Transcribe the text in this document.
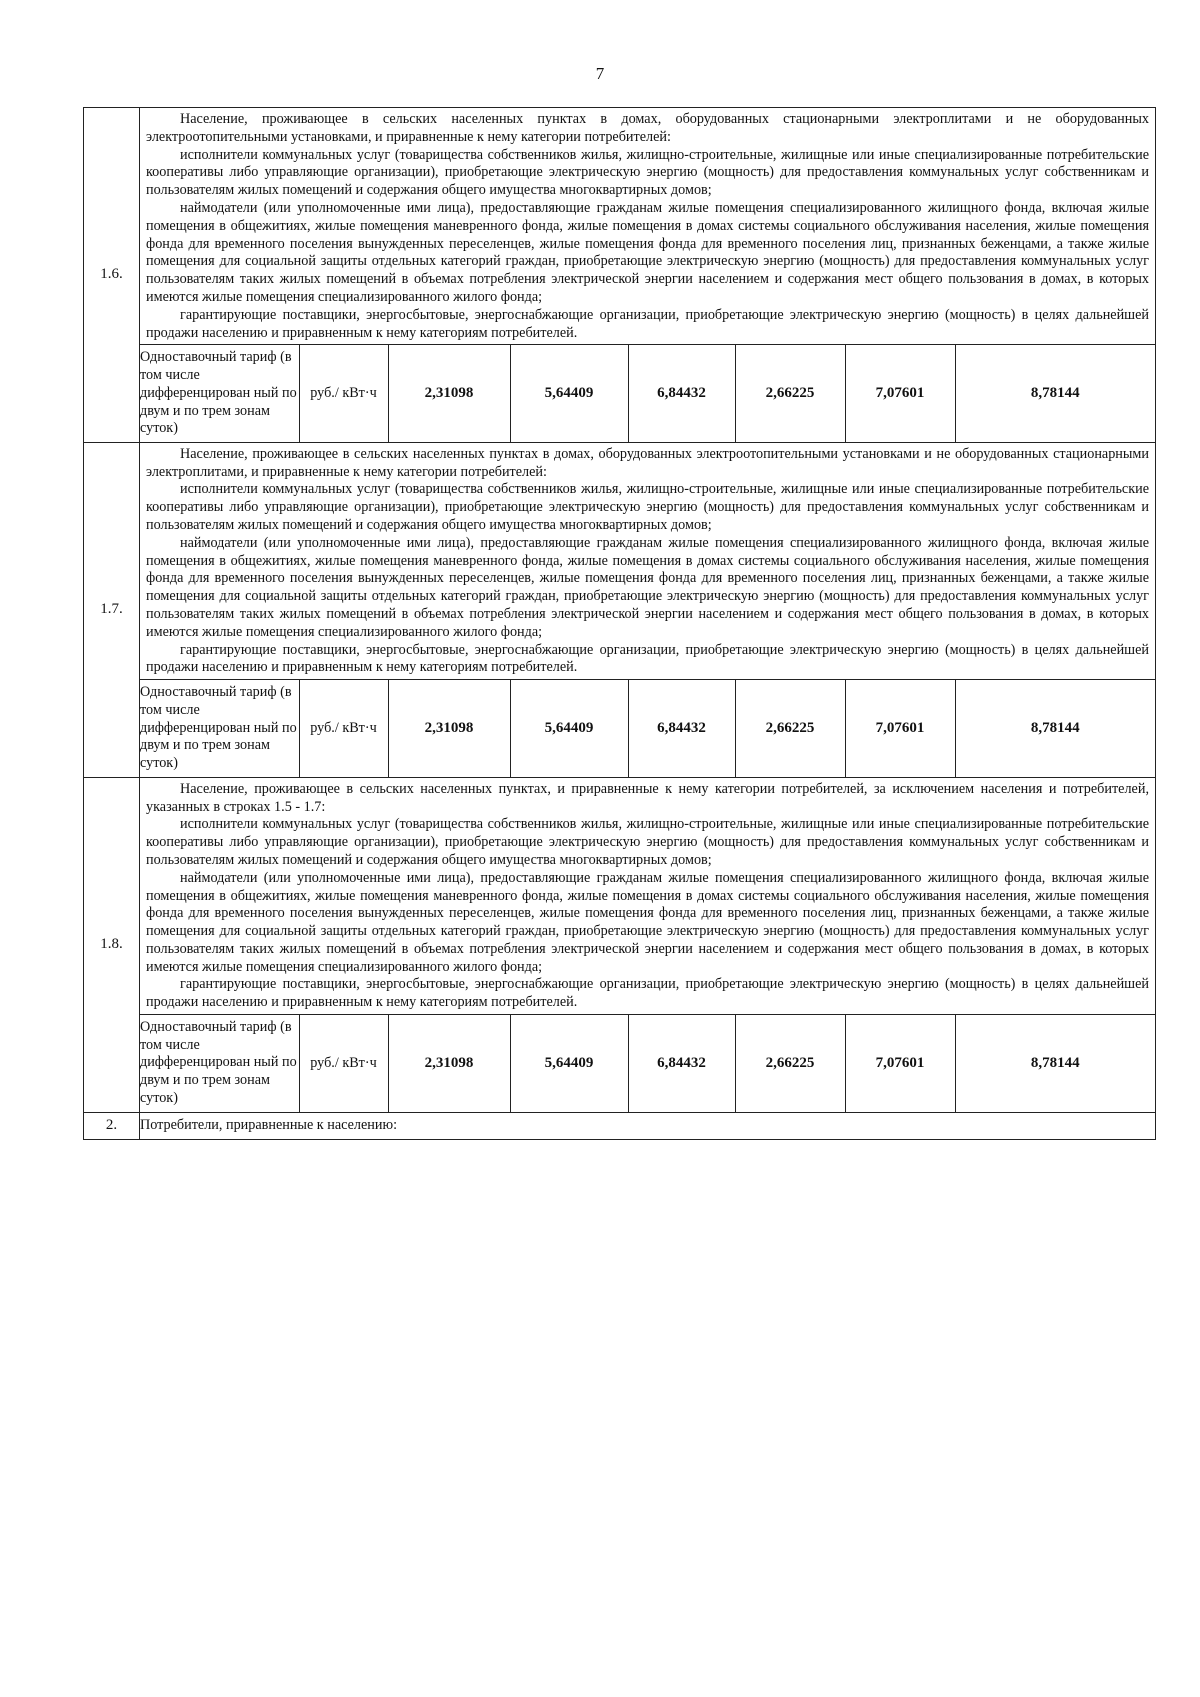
7
1.6.	

Население, проживающее в сельских населенных пунктах в домах, оборудованных стационарными электроплитами и не оборудованных электроотопительными установками, и приравненные к нему категории потребителей:

исполнители коммунальных услуг (товарищества собственников жилья, жилищно-строительные, жилищные или иные специализированные потребительские кооперативы либо управляющие организации), приобретающие электрическую энергию (мощность) для предоставления коммунальных услуг собственникам и пользователям жилых помещений и содержания общего имущества многоквартирных домов;

наймодатели (или уполномоченные ими лица), предоставляющие гражданам жилые помещения специализированного жилищного фонда, включая жилые помещения в общежитиях, жилые помещения маневренного фонда, жилые помещения в домах системы социального обслуживания населения, жилые помещения фонда для временного поселения вынужденных переселенцев, жилые помещения фонда для временного поселения лиц, признанных беженцами, а также жилые помещения для социальной защиты отдельных категорий граждан, приобретающие электрическую энергию (мощность) для предоставления коммунальных услуг пользователям таких жилых помещений в объемах потребления электрической энергии населением и содержания мест общего пользования в домах, в которых имеются жилые помещения специализированного жилого фонда;

гарантирующие поставщики, энергосбытовые, энергоснабжающие организации, приобретающие электрическую энергию (мощность) в целях дальнейшей продажи населению и приравненным к нему категориям потребителей.

Одноставочный тариф (в том числе дифференцирован ный по двум и по трем зонам суток)	руб./ кВт·ч	2,31098	5,64409	6,84432	2,66225	7,07601	8,78144

1.7.	

Население, проживающее в сельских населенных пунктах в домах, оборудованных электроотопительными установками и не оборудованных стационарными электроплитами, и приравненные к нему категории потребителей:

исполнители коммунальных услуг (товарищества собственников жилья, жилищно-строительные, жилищные или иные специализированные потребительские кооперативы либо управляющие организации), приобретающие электрическую энергию (мощность) для предоставления коммунальных услуг собственникам и пользователям жилых помещений и содержания общего имущества многоквартирных домов;

наймодатели (или уполномоченные ими лица), предоставляющие гражданам жилые помещения специализированного жилищного фонда, включая жилые помещения в общежитиях, жилые помещения маневренного фонда, жилые помещения в домах системы социального обслуживания населения, жилые помещения фонда для временного поселения вынужденных переселенцев, жилые помещения фонда для временного поселения лиц, признанных беженцами, а также жилые помещения для социальной защиты отдельных категорий граждан, приобретающие электрическую энергию (мощность) для предоставления коммунальных услуг пользователям таких жилых помещений в объемах потребления электрической энергии населением и содержания мест общего пользования в домах, в которых имеются жилые помещения специализированного жилого фонда;

гарантирующие поставщики, энергосбытовые, энергоснабжающие организации, приобретающие электрическую энергию (мощность) в целях дальнейшей продажи населению и приравненным к нему категориям потребителей.

Одноставочный тариф (в том числе дифференцирован ный по двум и по трем зонам суток)	руб./ кВт·ч	2,31098	5,64409	6,84432	2,66225	7,07601	8,78144

1.8.	

Население, проживающее в сельских населенных пунктах, и приравненные к нему категории потребителей, за исключением населения и потребителей, указанных в строках 1.5 - 1.7:

исполнители коммунальных услуг (товарищества собственников жилья, жилищно-строительные, жилищные или иные специализированные потребительские кооперативы либо управляющие организации), приобретающие электрическую энергию (мощность) для предоставления коммунальных услуг собственникам и пользователям жилых помещений и содержания общего имущества многоквартирных домов;

наймодатели (или уполномоченные ими лица), предоставляющие гражданам жилые помещения специализированного жилищного фонда, включая жилые помещения в общежитиях, жилые помещения маневренного фонда, жилые помещения в домах системы социального обслуживания населения, жилые помещения фонда для временного поселения вынужденных переселенцев, жилые помещения фонда для временного поселения лиц, признанных беженцами, а также жилые помещения для социальной защиты отдельных категорий граждан, приобретающие электрическую энергию (мощность) для предоставления коммунальных услуг пользователям таких жилых помещений в объемах потребления электрической энергии населением и содержания мест общего пользования в домах, в которых имеются жилые помещения специализированного жилого фонда;

гарантирующие поставщики, энергосбытовые, энергоснабжающие организации, приобретающие электрическую энергию (мощность) в целях дальнейшей продажи населению и приравненным к нему категориям потребителей.

Одноставочный тариф (в том числе дифференцирован ный по двум и по трем зонам суток)	руб./ кВт·ч	2,31098	5,64409	6,84432	2,66225	7,07601	8,78144

2.	Потребители, приравненные к населению:
